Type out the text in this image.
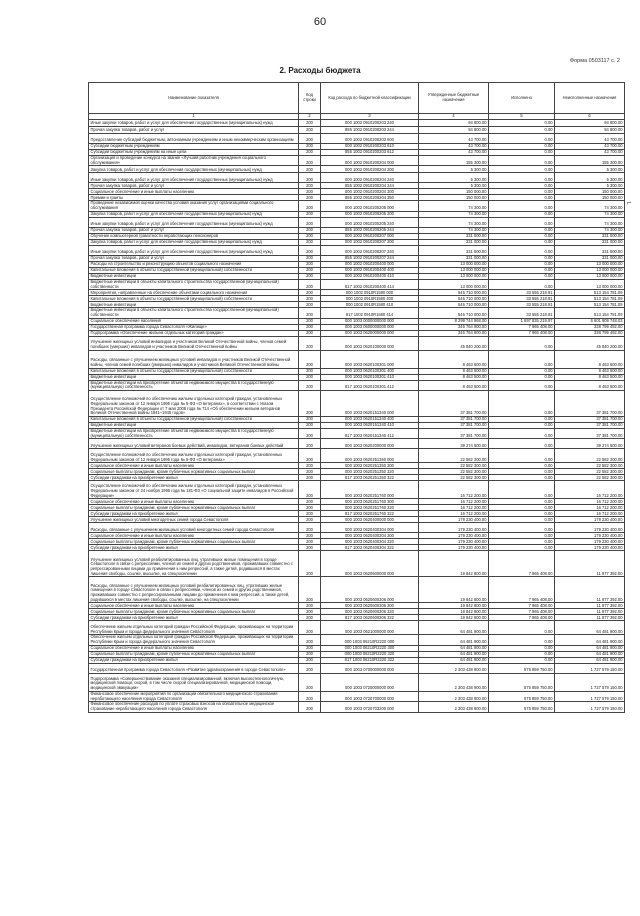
60
Форма 0503117 с. 2
2. Расходы бюджета
Наименование показателя	Код строки	Код расхода по бюджетной классификации	Утвержденные бюджетные назначения	Исполнено	Неисполненные назначения
1	2	3	4	5	6
Иные закупки товаров, работ и услуг для обеспечения государственных (муниципальных) нужд	200	000 1002 0910200203 240	94 800.00	0.00	94 800.00
Прочая закупка товаров, работ и услуг	200	855 1002 0910200203 244	94 800.00	0.00	94 800.00
Предоставление субсидий бюджетным, автономным учреждениям и иным некоммерческим организациям	200	000 1002 0910200203 600	43 700.00	0.00	43 700.00
Субсидии бюджетным учреждениям	200	000 1002 0910200203 610	43 700.00	0.00	43 700.00
Субсидии бюджетным учреждениям на иные цели	200	855 1002 0910200203 612	43 700.00	0.00	43 700.00
Организация и проведение конкурса на звание «Лучший работник учреждения социального обслуживания»	200	000 1002 0910200204 000	155 300.00	0.00	155 300.00
Закупка товаров, работ и услуг для обеспечения государственных (муниципальных) нужд	200	000 1002 0910200204 200	5 300.00	0.00	5 300.00
Иные закупки товаров, работ и услуг для обеспечения государственных (муниципальных) нужд	200	000 1002 0910200204 240	5 300.00	0.00	5 300.00
Прочая закупка товаров, работ и услуг	200	855 1002 0910200204 244	5 300.00	0.00	5 300.00
Социальное обеспечение и иные выплаты населению	200	000 1002 0910200204 300	150 000.00	0.00	150 000.00
Премии и гранты	200	855 1002 0910200204 350	150 000.00	0.00	150 000.00
Проведение независимой оценки качества условий оказания услуг организациями социального обслуживания	200	000 1002 0910200205 000	74 300.00	0.00	74 300.00
Закупка товаров, работ и услуг для обеспечения государственных (муниципальных) нужд	200	000 1002 0910200205 200	74 300.00	0.00	74 300.00
Иные закупки товаров, работ и услуг для обеспечения государственных (муниципальных) нужд	200	000 1002 0910200205 240	74 300.00	0.00	74 300.00
Прочая закупка товаров, работ и услуг	200	855 1002 0910200205 244	74 300.00	0.00	74 300.00
Обучение компьютерной грамотности неработающих пенсионеров	200	000 1002 0910200207 000	331 000.00	0.00	331 000.00
Закупка товаров, работ и услуг для обеспечения государственных (муниципальных) нужд	200	000 1002 0910200207 200	331 000.00	0.00	331 000.00
Иные закупки товаров, работ и услуг для обеспечения государственных (муниципальных) нужд	200	000 1002 0910200207 240	331 000.00	0.00	331 000.00
Прочая закупка товаров, работ и услуг	200	855 1002 0910200207 244	331 000.00	0.00	331 000.00
Расходы на строительство и реконструкцию объектов социального назначения	200	000 1002 0910200400 000	13 000 000.00	0.00	13 000 000.00
Капитальные вложения в объекты государственной (муниципальной) собственности	200	000 1002 0910200400 400	13 000 000.00	0.00	13 000 000.00
Бюджетные инвестиции	200	000 1002 0910200400 410	13 000 000.00	0.00	13 000 000.00
Бюджетные инвестиции в объекты капитального строительства государственной (муниципальной) собственности	200	817 1002 0910200400 414	13 000 000.00	0.00	13 000 000.00
Мероприятия, направленные на обеспечение объектами социального назначения	200	000 1002 0910R1580 000	546 710 000.00	33 555 218.91	513 154 781.09
Капитальные вложения в объекты государственной (муниципальной) собственности	200	000 1002 0910R1580 400	546 710 000.00	33 555 218.91	513 154 781.09
Бюджетные инвестиции	200	000 1002 0910R1580 410	546 710 000.00	33 555 218.91	513 154 781.09
Бюджетные инвестиции в объекты капитального строительства государственной (муниципальной) собственности	200	817 1002 0910R1580 414	546 710 000.00	33 555 218.91	513 154 781.09
Социальное обеспечение населения	200	000 1003 0000000000 000	8 299 744 968.00	1 697 835 219.97	6 601 909 748.03
Государственная программа города Севастополя «Жилище»	200	000 1003 0600000000 000	346 764 900.00	7 965 408.00	338 799 492.00
Подпрограмма «Обеспечение жильем отдельных категорий граждан»	200	000 1003 0620000000 000	346 764 900.00	7 965 408.00	338 799 492.00
Улучшение жилищных условий инвалидов и участников Великой Отечественной войны, членов семей погибших (умерших) инвалидов и участников Великой Отечественной войны	200	000 1003 0620100000 000	45 840 200.00	0.00	45 840 200.00
Расходы, связанные с улучшением жилищных условий инвалидов и участников Великой Отечественной войны, членов семей погибших (умерших) инвалидов и участников Великой Отечественной войны	200	000 1003 0620100301 000	8 463 500.00	0.00	8 463 500.00
Капитальные вложения в объекты государственной (муниципальной) собственности	200	000 1003 0620100301 400	8 463 500.00	0.00	8 463 500.00
Бюджетные инвестиции	200	000 1003 0620100301 410	8 463 500.00	0.00	8 463 500.00
Бюджетные инвестиции на приобретение объектов недвижимого имущества в государственную (муниципальную) собственность	200	817 1003 0620100301 412	8 463 500.00	0.00	8 463 500.00
Осуществление полномочий по обеспечению жильем отдельных категорий граждан, установленных Федеральным законом от 12 января 1995 года № 5-ФЗ «О ветеранах», в соответствии с Указом Президента Российской Федерации от 7 мая 2008 года № 714 «Об обеспечении жильем ветеранов Великой Отечественной войны 1941–1945 годов»	200	000 1003 0620151340 000	37 381 700.00	0.00	37 381 700.00
Капитальные вложения в объекты государственной (муниципальной) собственности	200	000 1003 0620151340 400	37 381 700.00	0.00	37 381 700.00
Бюджетные инвестиции	200	000 1003 0620151340 410	37 381 700.00	0.00	37 381 700.00
Бюджетные инвестиции на приобретение объектов недвижимого имущества в государственную (муниципальную) собственность	200	817 1003 0620151340 412	37 381 700.00	0.00	37 381 700.00
Улучшение жилищных условий ветеранов боевых действий, инвалидов, ветеранов боевых действий	200	000 1003 0620200000 000	39 274 500.00	0.00	39 274 500.00
Осуществление полномочий по обеспечению жильем отдельных категорий граждан, установленных Федеральным законом от 12 января 1995 года № 5-ФЗ «О ветеранах»	200	000 1003 0620251350 000	22 582 300.00	0.00	22 582 300.00
Социальное обеспечение и иные выплаты населению	200	000 1003 0620251350 300	22 582 300.00	0.00	22 582 300.00
Социальные выплаты гражданам, кроме публичных нормативных социальных выплат	200	000 1003 0620251350 320	22 582 300.00	0.00	22 582 300.00
Субсидии гражданам на приобретение жилья	200	817 1003 0620251350 322	22 582 300.00	0.00	22 582 300.00
Осуществление полномочий по обеспечению жильем отдельных категорий граждан, установленных Федеральным законом от 24 ноября 1995 года № 181-ФЗ «О социальной защите инвалидов в Российской Федерации»	200	000 1003 0620251760 000	16 712 200.00	0.00	16 712 200.00
Социальное обеспечение и иные выплаты населению	200	000 1003 0620251760 300	16 712 200.00	0.00	16 712 200.00
Социальные выплаты гражданам, кроме публичных нормативных социальных выплат	200	000 1003 0620251760 320	16 712 200.00	0.00	16 712 200.00
Субсидии гражданам на приобретение жилья	200	817 1003 0620251760 322	16 712 200.00	0.00	16 712 200.00
Улучшение жилищных условий многодетных семей города Севастополя	200	000 1003 0620400000 000	179 230 400.00	0.00	179 230 400.00
Расходы, связанные с улучшением жилищных условий многодетных семей города Севастополя	200	000 1003 0620400304 000	179 230 400.00	0.00	179 230 400.00
Социальное обеспечение и иные выплаты населению	200	000 1003 0620400304 300	179 230 400.00	0.00	179 230 400.00
Социальные выплаты гражданам, кроме публичных нормативных социальных выплат	200	000 1003 0620400304 320	179 230 400.00	0.00	179 230 400.00
Субсидии гражданам на приобретение жилья	200	817 1003 0620400304 322	179 230 400.00	0.00	179 230 400.00
Улучшение жилищных условий реабилитированных лиц, утративших жилые помещения в городе Севастополе в связи с репрессиями, членов их семей и других родственников, проживавших совместно с репрессированными лицами до применения к ним репрессий, а также детей, родившихся в местах лишения свободы, ссылке, высылке, на спецпоселении	200	000 1003 0620600000 000	19 842 800.00	7 965 408.00	11 877 392.00
Расходы, связанные с улучшением жилищных условий реабилитированных лиц, утративших жилые помещения в городе Севастополе в связи с репрессиями, членов их семей и других родственников, проживавших совместно с репрессированными лицами до применения к ним репрессий, а также детей, родившихся в местах лишения свободы, ссылке, высылке, на спецпоселении	200	000 1003 0620600306 000	19 842 800.00	7 965 408.00	11 877 392.00
Социальное обеспечение и иные выплаты населению	200	000 1003 0620600306 300	19 842 800.00	7 965 408.00	11 877 392.00
Социальные выплаты гражданам, кроме публичных нормативных социальных выплат	200	000 1003 0620600306 320	19 842 800.00	7 965 408.00	11 877 392.00
Субсидии гражданам на приобретение жилья	200	817 1003 0620600306 322	19 842 800.00	7 965 408.00	11 877 392.00
Обеспечение жильем отдельных категорий граждан Российской Федерации, проживающих на территории Республики Крым и города федерального значения Севастополя	200	000 1003 0621000000 000	64 481 900.00	0.00	64 481 900.00
Обеспечение жильем отдельных категорий граждан Российской Федерации, проживающих на территории Республики Крым и города федерального значения Севастополя	200	000 1003 06210R2220 000	64 481 900.00	0.00	64 481 900.00
Социальное обеспечение и иные выплаты населению	200	000 1003 06210R2220 300	64 481 900.00	0.00	64 481 900.00
Социальные выплаты гражданам, кроме публичных нормативных социальных выплат	200	000 1003 06210R2220 320	64 481 900.00	0.00	64 481 900.00
Субсидии гражданам на приобретение жилья	200	817 1003 06210R2220 322	64 481 900.00	0.00	64 481 900.00
Государственная программа города Севастополя «Развитие здравоохранения в городе Севастополе»	200	000 1003 0700000000 000	2 303 438 900.00	575 859 750.00	1 727 579 150.00
Подпрограмма «Совершенствование оказания специализированной, включая высокотехнологичную, медицинской помощи, скорой, в том числе скорой специализированной, медицинской помощи, медицинской эвакуации»	200	000 1003 0720000000 000	2 303 438 900.00	575 859 750.00	1 727 579 150.00
Финансовое обеспечение мероприятий по организации обязательного медицинского страхования неработающего населения города Севастополя	200	000 1003 0720700000 000	2 303 438 900.00	575 859 750.00	1 727 579 150.00
Финансовое обеспечение расходов по уплате страховых взносов на обязательное медицинское страхование неработающего населения города Севастополя	200	000 1003 0720703200 000	2 303 438 900.00	575 859 750.00	1 727 579 150.00
⌐
